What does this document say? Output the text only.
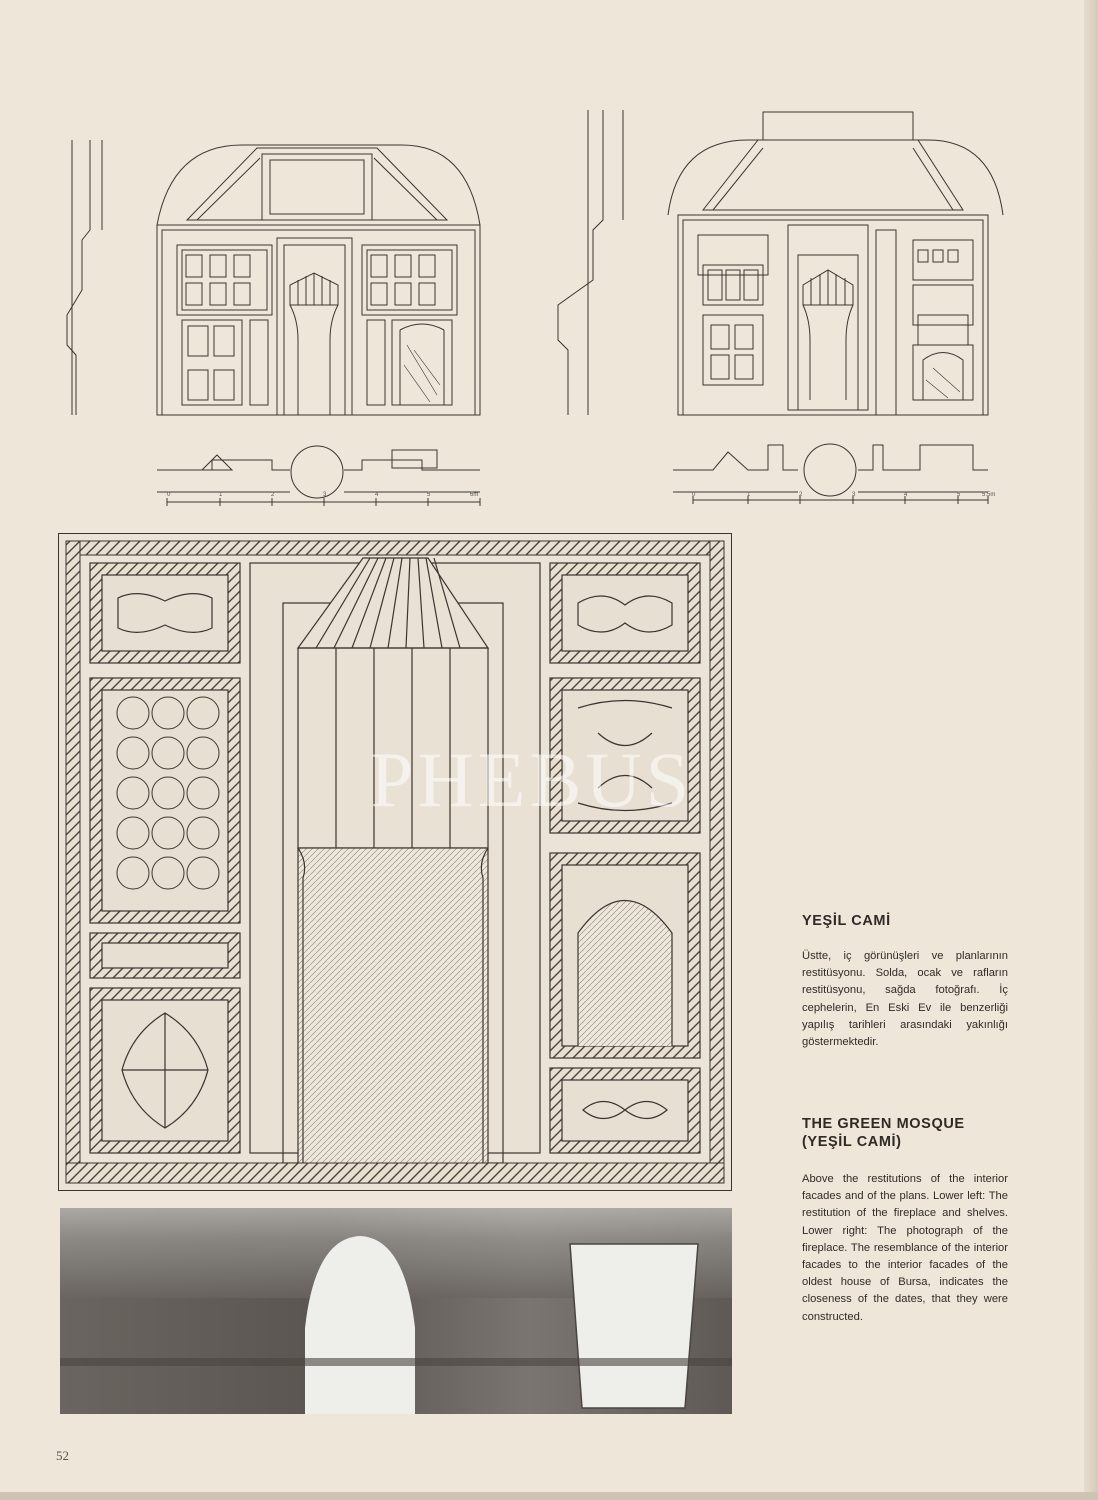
0	1	2	3	4	5	6m	0	1	2	3	4	5	5.5m
PHEBUS
YEŞİL CAMİ

Üstte, iç görünüşleri ve planlarının restitüsyonu. Solda, ocak ve rafların restitüsyonu, sağda fotoğrafı. İç cephelerin, En Eski Ev ile benzerliği yapılış tarihleri arasındaki yakınlığı göstermektedir.

THE GREEN MOSQUE
(YEŞİL CAMİ)

Above the restitutions of the interior facades and of the plans. Lower left: The restitution of the fireplace and shelves. Lower right: The photograph of the fireplace. The resemblance of the interior facades to the interior facades of the oldest house of Bursa, indicates the closeness of the dates, that they were constructed.

52
